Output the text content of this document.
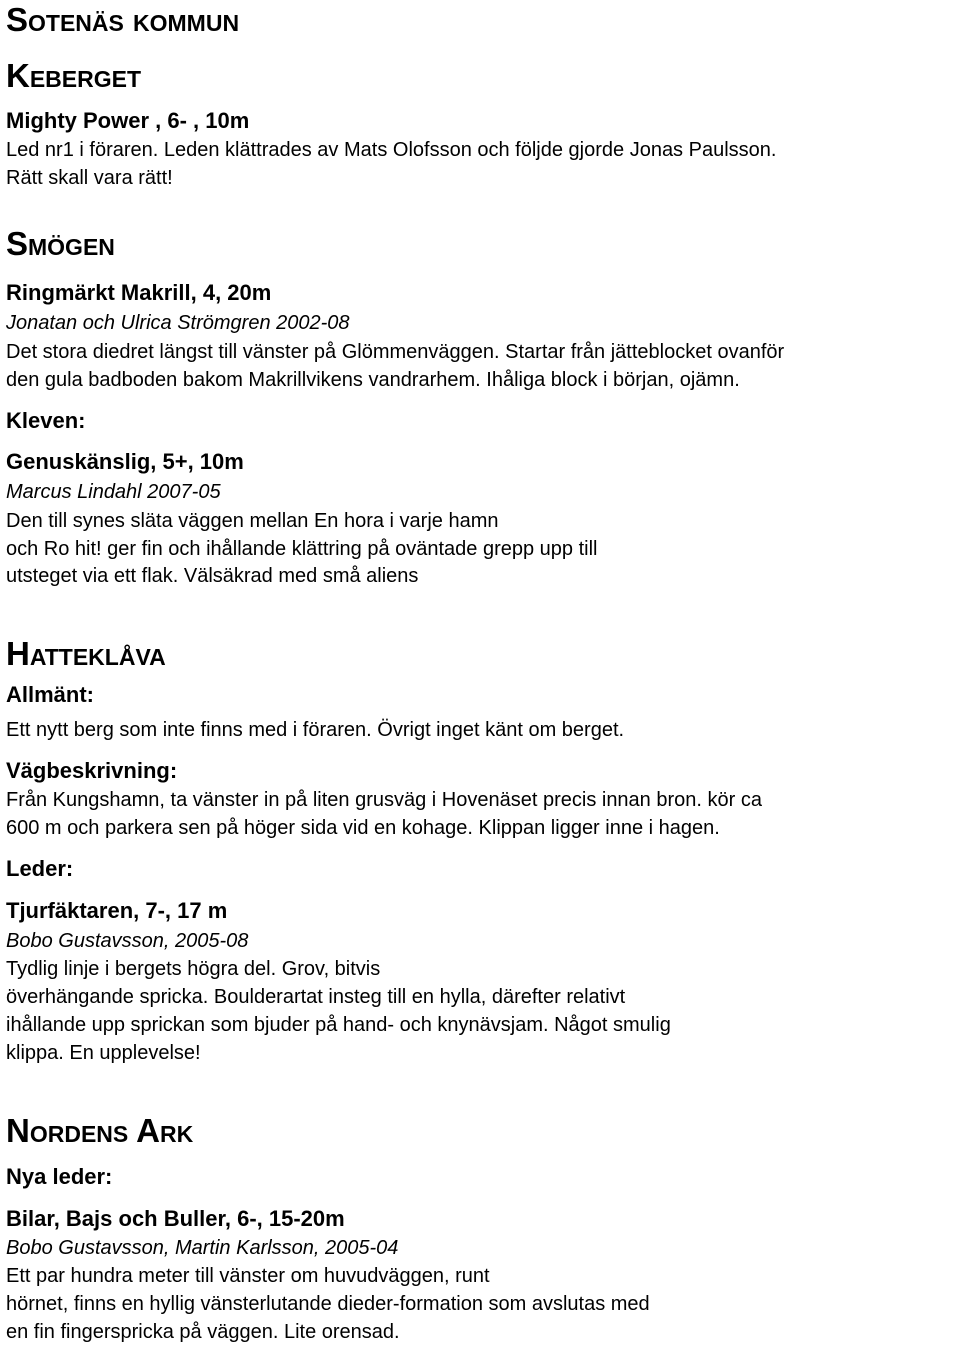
Sotenäs kommun
Keberget

Mighty Power , 6- , 10m

Led nr1 i föraren. Leden klättrades av Mats Olofsson och följde gjorde Jonas Paulsson.

Rätt skall vara rätt!

Smögen

Ringmärkt Makrill, 4, 20m

Jonatan och Ulrica Strömgren 2002-08

Det stora diedret längst till vänster på Glömmenväggen. Startar från jätteblocket ovanför

den gula badboden bakom Makrillvikens vandrarhem. Ihåliga block i början, ojämn.

Kleven:

Genuskänslig, 5+, 10m

Marcus Lindahl 2007-05

Den till synes släta väggen mellan En hora i varje hamn

och Ro hit! ger fin och ihållande klättring på oväntade grepp upp till

utsteget via ett flak. Välsäkrad med små aliens

Hatteklåva

Allmänt:

Ett nytt berg som inte finns med i föraren. Övrigt inget känt om berget.

Vägbeskrivning:

Från Kungshamn, ta vänster in på liten grusväg i Hovenäset precis innan bron. kör ca

600 m och parkera sen på höger sida vid en kohage. Klippan ligger inne i hagen.

Leder:

Tjurfäktaren, 7-, 17 m

Bobo Gustavsson, 2005-08

Tydlig linje i bergets högra del. Grov, bitvis

överhängande spricka. Boulderartat insteg till en hylla, därefter relativt

ihållande upp sprickan som bjuder på hand- och knynävsjam. Något smulig

klippa. En upplevelse!

Nordens Ark

Nya leder:

Bilar, Bajs och Buller, 6-, 15-20m

Bobo Gustavsson, Martin Karlsson, 2005-04

Ett par hundra meter till vänster om huvudväggen, runt

hörnet, finns en hyllig vänsterlutande dieder-formation som avslutas med

en fin fingerspricka på väggen. Lite orensad.
